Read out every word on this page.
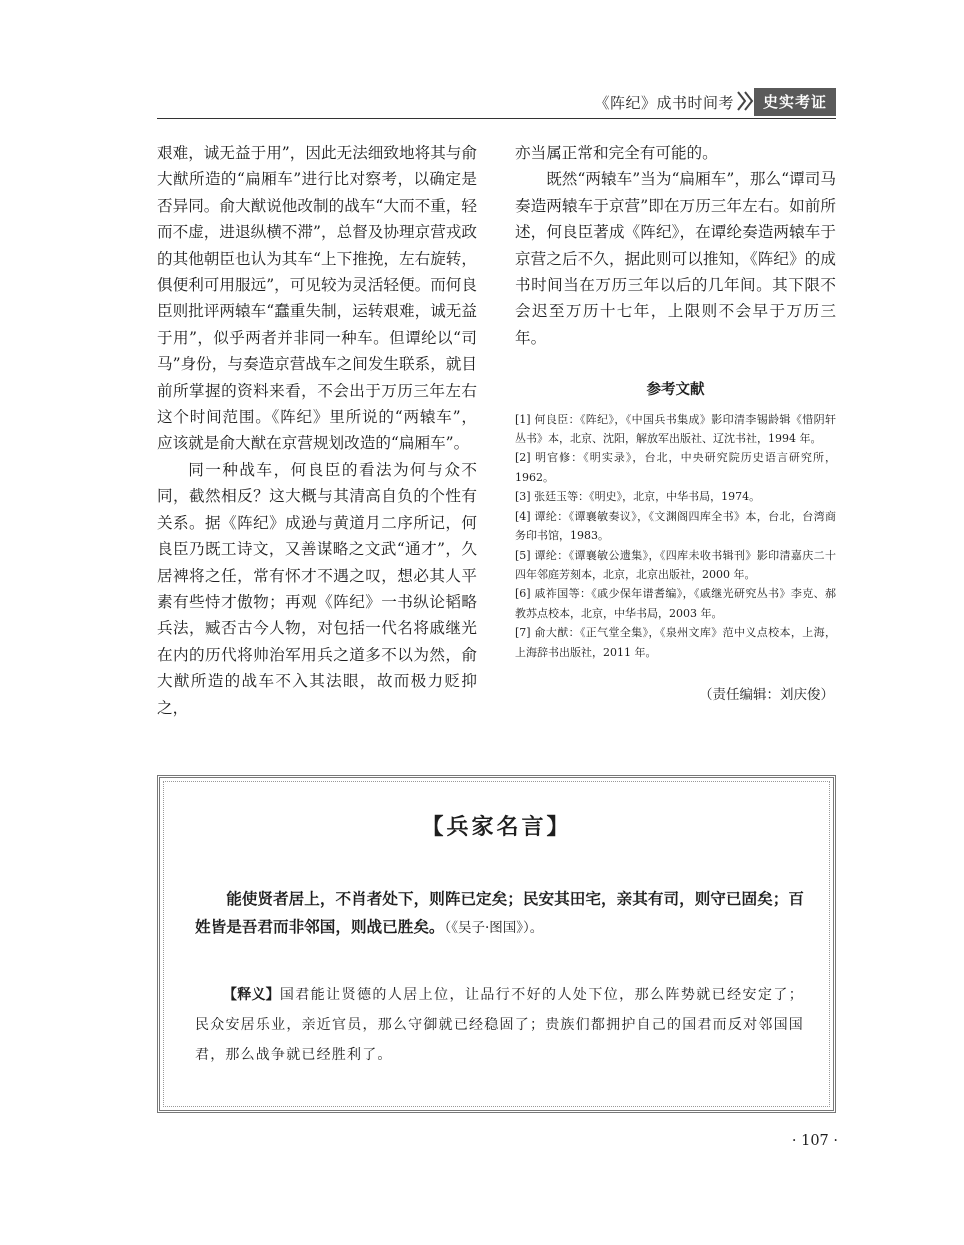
《阵纪》成书时间考	史实考证

艰难，诚无益于用”，因此无法细致地将其与俞大猷所造的“扁厢车”进行比对察考，以确定是否异同。俞大猷说他改制的战车“大而不重，轻而不虚，进退纵横不滞”，总督及协理京营戎政的其他朝臣也认为其车“上下推挽，左右旋转，俱便利可用服远”，可见较为灵活轻便。而何良臣则批评两辕车“蠢重失制，运转艰难，诚无益于用”，似乎两者并非同一种车。但谭纶以“司马”身份，与奏造京营战车之间发生联系，就目前所掌握的资料来看，不会出于万历三年左右这个时间范围。《阵纪》里所说的“两辕车”，应该就是俞大猷在京营规划改造的“扁厢车”。

同一种战车，何良臣的看法为何与众不同，截然相反？这大概与其清高自负的个性有关系。据《阵纪》成逊与黄道月二序所记，何良臣乃既工诗文，又善谋略之文武“通才”，久居裨将之任，常有怀才不遇之叹，想必其人平素有些恃才傲物；再观《阵纪》一书纵论韬略兵法，臧否古今人物，对包括一代名将戚继光在内的历代将帅治军用兵之道多不以为然，俞大猷所造的战车不入其法眼，故而极力贬抑之，

亦当属正常和完全有可能的。

既然“两辕车”当为“扁厢车”，那么“谭司马奏造两辕车于京营”即在万历三年左右。如前所述，何良臣著成《阵纪》，在谭纶奏造两辕车于京营之后不久，据此则可以推知，《阵纪》的成书时间当在万历三年以后的几年间。其下限不会迟至万历十七年，上限则不会早于万历三年。

参考文献

[1] 何良臣：《阵纪》，《中国兵书集成》影印清李锡龄辑《惜阴轩丛书》本，北京、沈阳，解放军出版社、辽沈书社，1994 年。

[2] 明官修：《明实录》，台北，中央研究院历史语言研究所，1962。

[3] 张廷玉等：《明史》，北京，中华书局，1974。

[4] 谭纶：《谭襄敏奏议》，《文渊阁四库全书》本，台北，台湾商务印书馆，1983。

[5] 谭纶：《谭襄敏公遗集》，《四库未收书辑刊》影印清嘉庆二十四年邻庭芳刻本，北京，北京出版社，2000 年。

[6] 戚祚国等：《戚少保年谱耆编》，《戚继光研究丛书》李克、郝教苏点校本，北京，中华书局，2003 年。

[7] 俞大猷：《正气堂全集》，《泉州文库》范中义点校本，上海，上海辞书出版社，2011 年。

（责任编辑：刘庆俊）
【兵家名言】

能使贤者居上，不肖者处下，则阵已定矣；民安其田宅，亲其有司，则守已固矣；百姓皆是吾君而非邻国，则战已胜矣。（《吴子·图国》）。

【释义】国君能让贤德的人居上位，让品行不好的人处下位，那么阵势就已经安定了；民众安居乐业，亲近官员，那么守御就已经稳固了；贵族们都拥护自己的国君而反对邻国国君，那么战争就已经胜利了。

· 107 ·
